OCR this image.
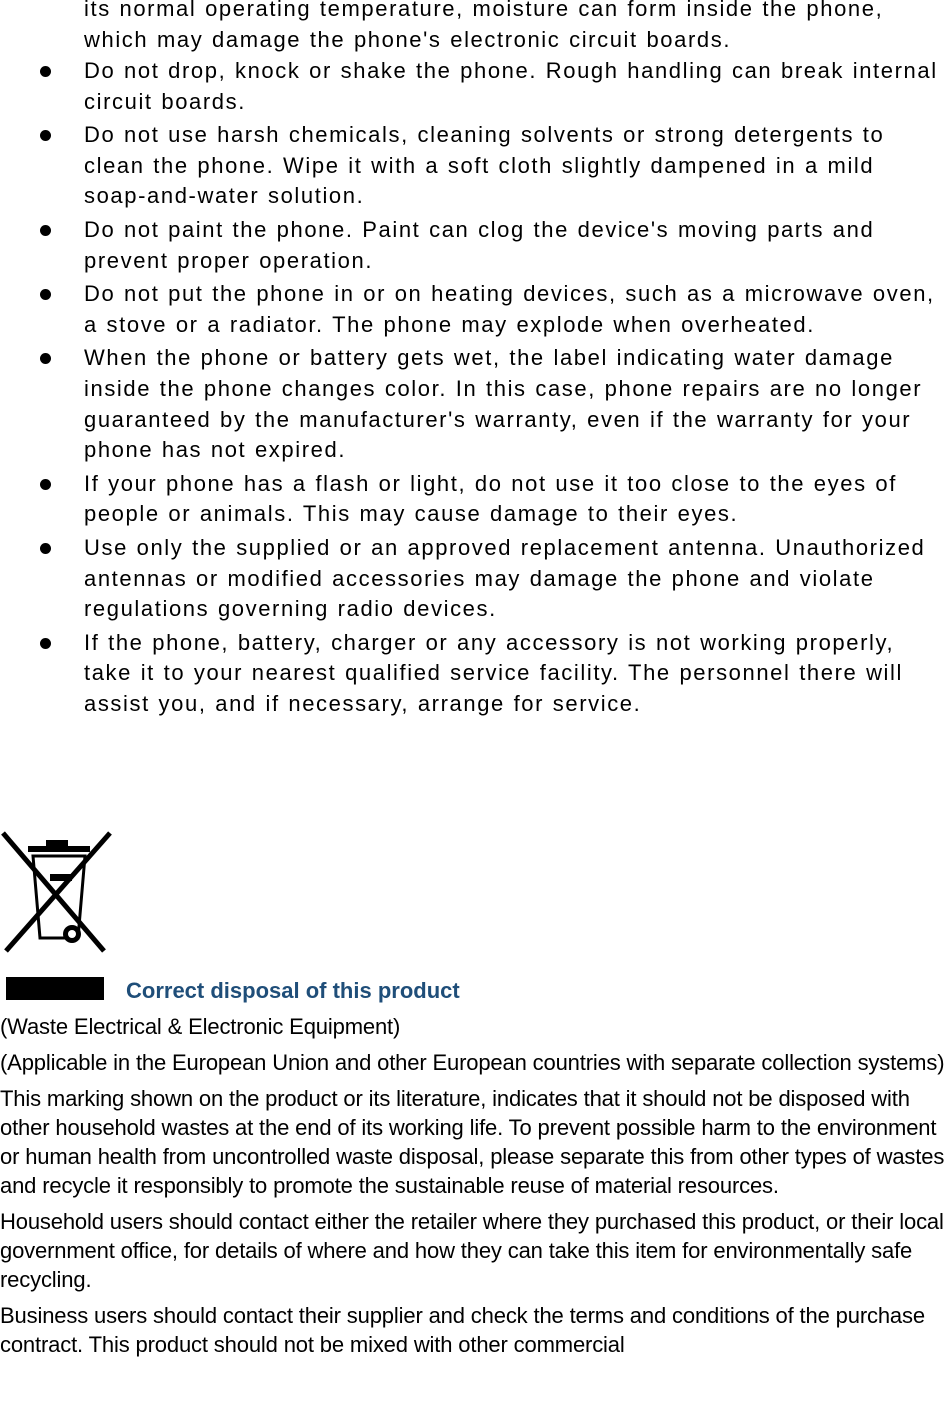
its normal operating temperature, moisture can form inside the phone, which may damage the phone's electronic circuit boards.

Do not drop, knock or shake the phone. Rough handling can break internal circuit boards.
Do not use harsh chemicals, cleaning solvents or strong detergents to clean the phone. Wipe it with a soft cloth slightly dampened in a mild soap-and-water solution.
Do not paint the phone. Paint can clog the device's moving parts and prevent proper operation.
Do not put the phone in or on heating devices, such as a microwave oven, a stove or a radiator. The phone may explode when overheated.
When the phone or battery gets wet, the label indicating water damage inside the phone changes color. In this case, phone repairs are no longer guaranteed by the manufacturer's warranty, even if the warranty for your phone has not expired.
If your phone has a flash or light, do not use it too close to the eyes of people or animals. This may cause damage to their eyes.
Use only the supplied or an approved replacement antenna. Unauthorized antennas or modified accessories may damage the phone and violate regulations governing radio devices.
If the phone, battery, charger or any accessory is not working properly, take it to your nearest qualified service facility. The personnel there will assist you, and if necessary, arrange for service.
Correct disposal of this product

(Waste Electrical & Electronic Equipment)

(Applicable in the European Union and other European countries with separate collection systems)

This marking shown on the product or its literature, indicates that it should not be disposed with other household wastes at the end of its working life. To prevent possible harm to the environment or human health from uncontrolled waste disposal, please separate this from other types of wastes and recycle it responsibly to promote the sustainable reuse of material resources.

Household users should contact either the retailer where they purchased this product, or their local government office, for details of where and how they can take this item for environmentally safe recycling.

Business users should contact their supplier and check the terms and conditions of the purchase contract. This product should not be mixed with other commercial
